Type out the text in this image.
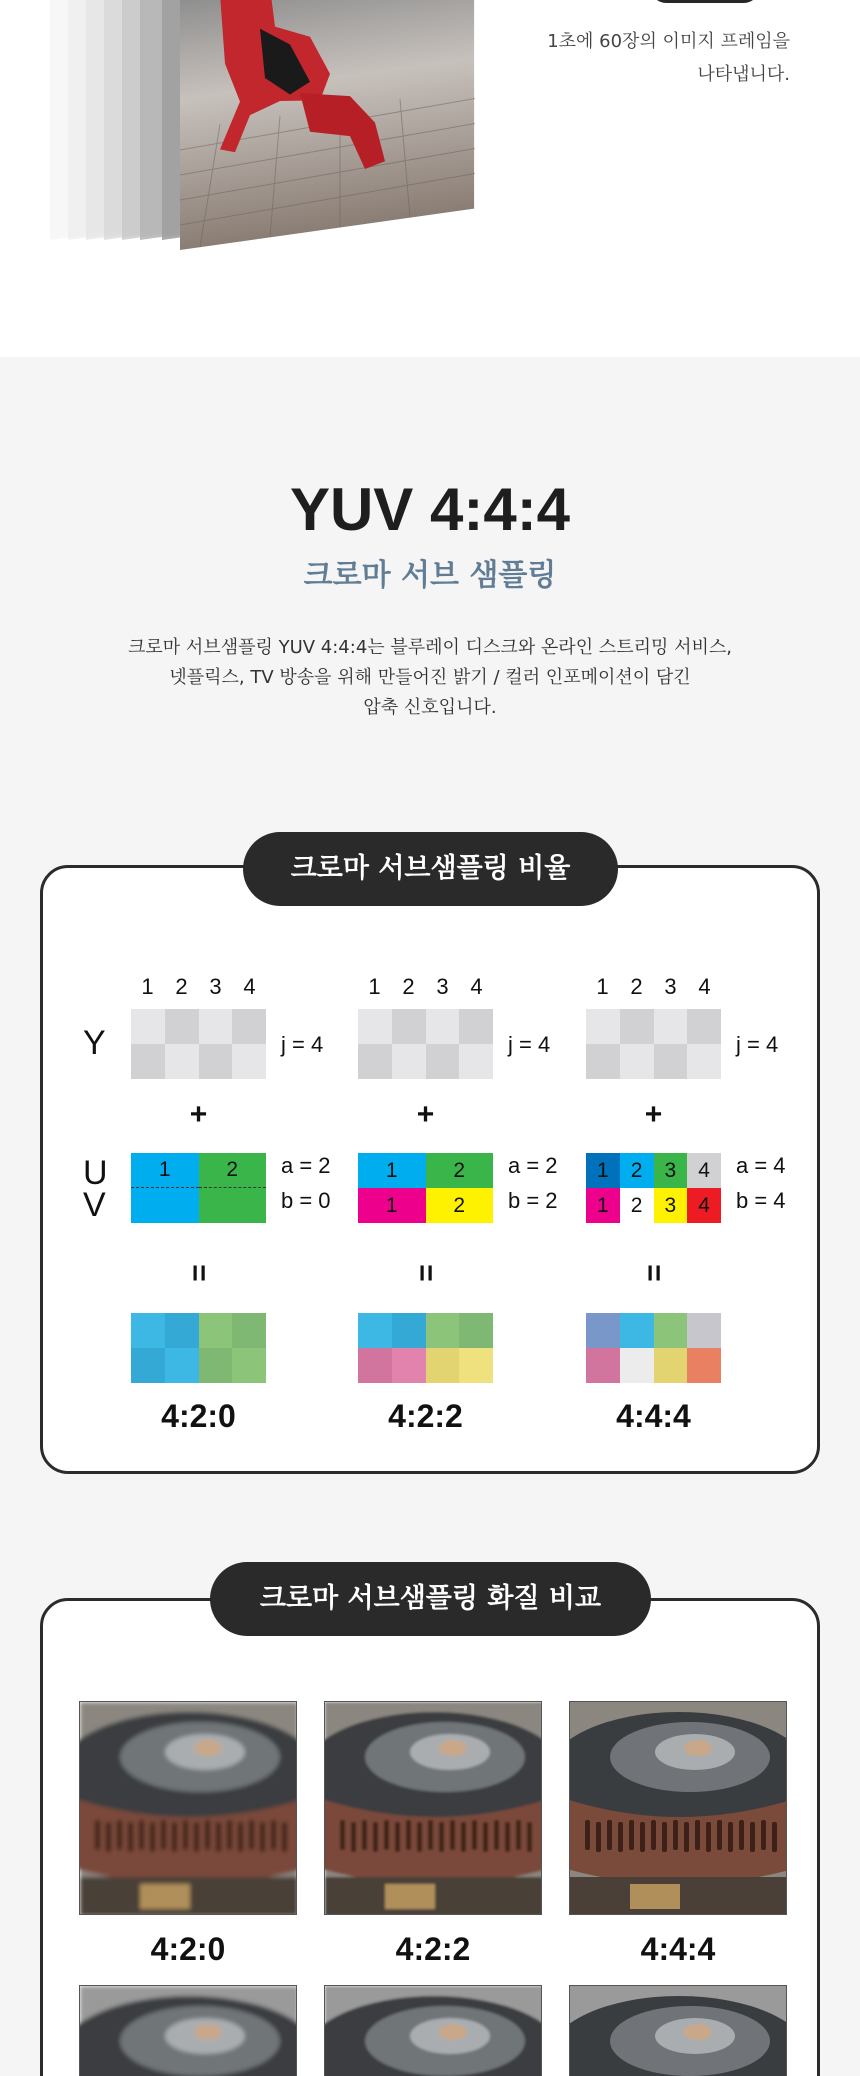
1초에 60장의 이미지 프레임을
나타냅니다.
YUV 4:4:4
크로마 서브 샘플링
크로마 서브샘플링 YUV 4:4:4는 블루레이 디스크와 온라인 스트리밍 서비스,
넷플릭스, TV 방송을 위해 만들어진 밝기 / 컬러 인포메이션이 담긴
압축 신호입니다.
Y
U
V
1 2 3 4
j = 4
+
1	2	a = 2
b = 0
=
4:2:0
1 2 3 4
j = 4
+
1	2
1	2
a = 2
b = 2
=
4:2:2
1 2 3 4
j = 4
+
1	2	3	4
1	2	3	4
a = 4
b = 4
=
4:4:4
크로마 서브샘플링 비율
4:2:0	4:2:2	4:4:4
크로마 서브샘플링 화질 비교
